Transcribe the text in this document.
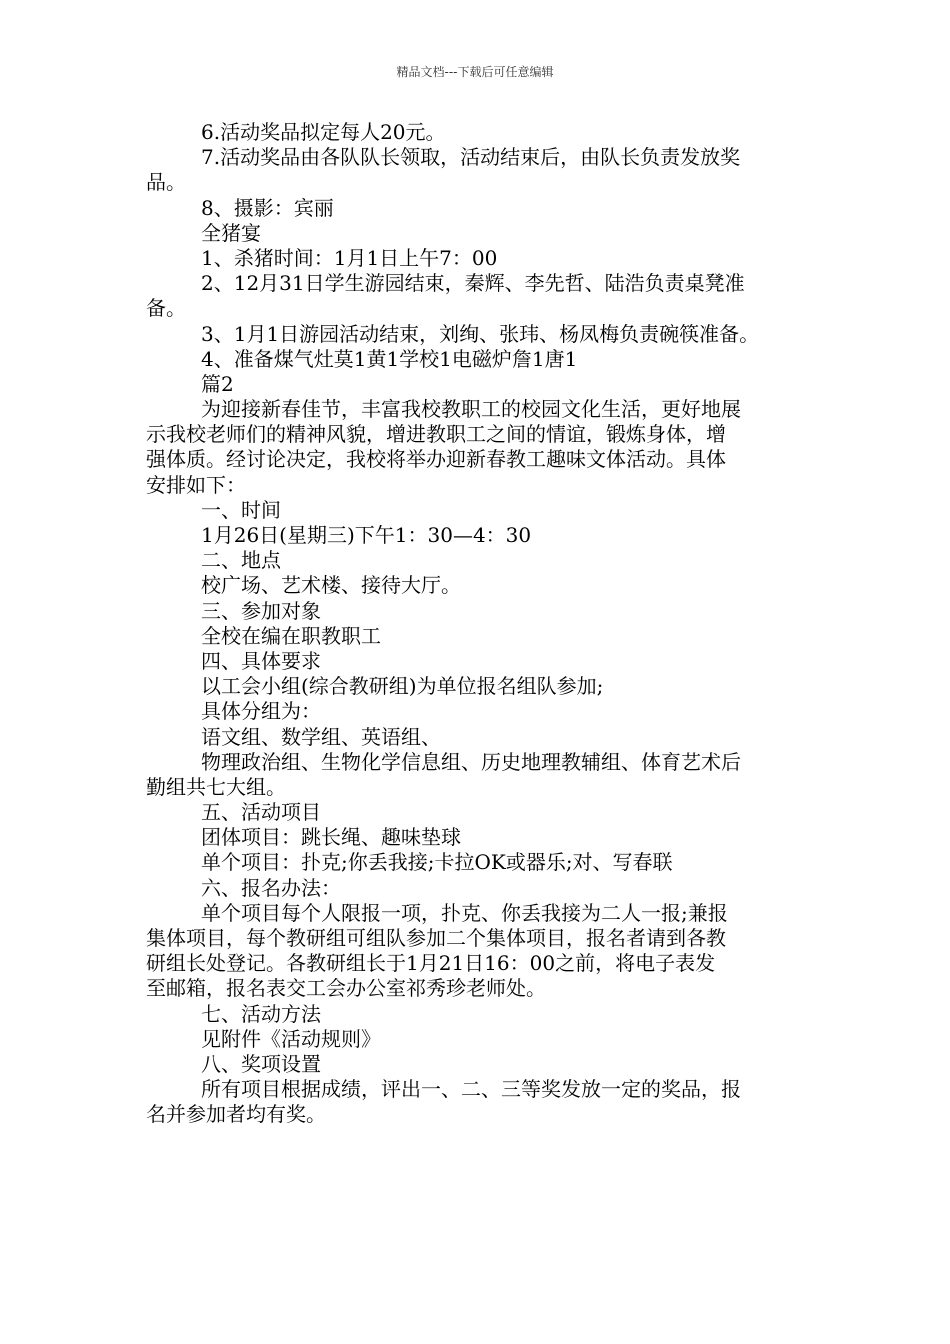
精品文档---下载后可任意编辑
6.活动奖品拟定每人20元。
7.活动奖品由各队队长领取，活动结束后，由队长负责发放奖
品。
8、摄影：宾丽
全猪宴
1、杀猪时间：1月1日上午7：00
2、12月31日学生游园结束，秦辉、李先哲、陆浩负责桌凳准
备。
3、1月1日游园活动结束，刘绚、张玮、杨凤梅负责碗筷准备。
4、准备煤气灶莫1黄1学校1电磁炉詹1唐1
篇2
为迎接新春佳节，丰富我校教职工的校园文化生活，更好地展
示我校老师们的精神风貌，增进教职工之间的情谊，锻炼身体，增
强体质。经讨论决定，我校将举办迎新春教工趣味文体活动。具体
安排如下：
一、时间
1月26日(星期三)下午1：30—4：30
二、地点
校广场、艺术楼、接待大厅。
三、参加对象
全校在编在职教职工
四、具体要求
以工会小组(综合教研组)为单位报名组队参加;
具体分组为：
语文组、数学组、英语组、
物理政治组、生物化学信息组、历史地理教辅组、体育艺术后
勤组共七大组。
五、活动项目
团体项目：跳长绳、趣味垫球
单个项目：扑克;你丢我接;卡拉OK或器乐;对、写春联
六、报名办法：
单个项目每个人限报一项，扑克、你丢我接为二人一报;兼报
集体项目，每个教研组可组队参加二个集体项目，报名者请到各教
研组长处登记。各教研组长于1月21日16：00之前，将电子表发
至邮箱，报名表交工会办公室祁秀珍老师处。
七、活动方法
见附件《活动规则》
八、奖项设置
所有项目根据成绩，评出一、二、三等奖发放一定的奖品，报
名并参加者均有奖。
